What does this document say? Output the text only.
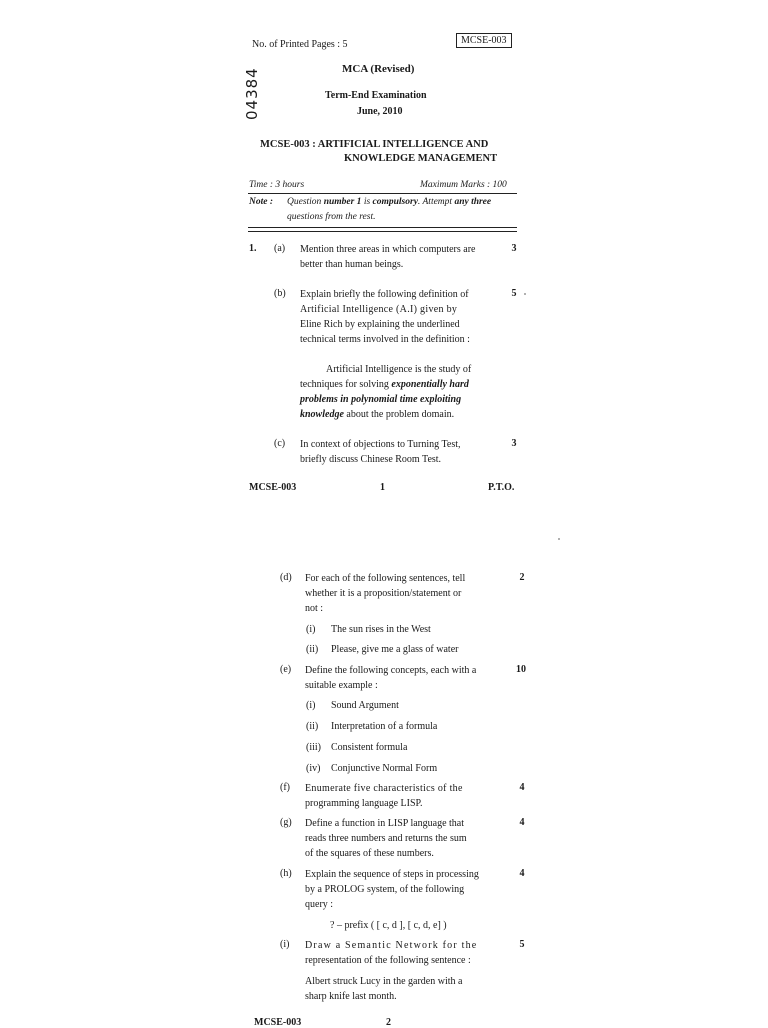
No. of Printed Pages : 5	MCSE-003
04384	MCA (Revised)
Term-End Examination
June, 2010
MCSE-003 : ARTIFICIAL INTELLIGENCE AND
KNOWLEDGE MANAGEMENT
Time : 3 hours	Maximum Marks : 100
Note : Question number 1 is compulsory. Attempt any three
questions from the rest.
1. (a) Mention three areas in which computers are
better than human beings.
3
(b) Explain briefly the following definition of
Artificial Intelligence (A.I) given by
Eline Rich by explaining the underlined
technical terms involved in the definition :
5
Artificial Intelligence is the study of
techniques for solving exponentially hard
problems in polynomial time exploiting
knowledge about the problem domain.
(c) In context of objections to Turning Test,
briefly discuss Chinese Room Test.
3
MCSE-003	1	P.T.O.
(d) For each of the following sentences, tell
whether it is a proposition/statement or
not :
2
(i) The sun rises in the West
(ii) Please, give me a glass of water
(e) Define the following concepts, each with a
suitable example :
10
(i) Sound Argument
(ii) Interpretation of a formula
(iii) Consistent formula
(iv) Conjunctive Normal Form
(f) Enumerate five characteristics of the
programming language LISP.
4
(g) Define a function in LISP language that
reads three numbers and returns the sum
of the squares of these numbers.
4
(h) Explain the sequence of steps in processing
by a PROLOG system, of the following
query :
4
? – prefix ( [ c, d ], [ c, d, e] )
(i) Draw a Semantic Network for the
representation of the following sentence :
5
Albert struck Lucy in the garden with a
sharp knife last month.
MCSE-003	2
